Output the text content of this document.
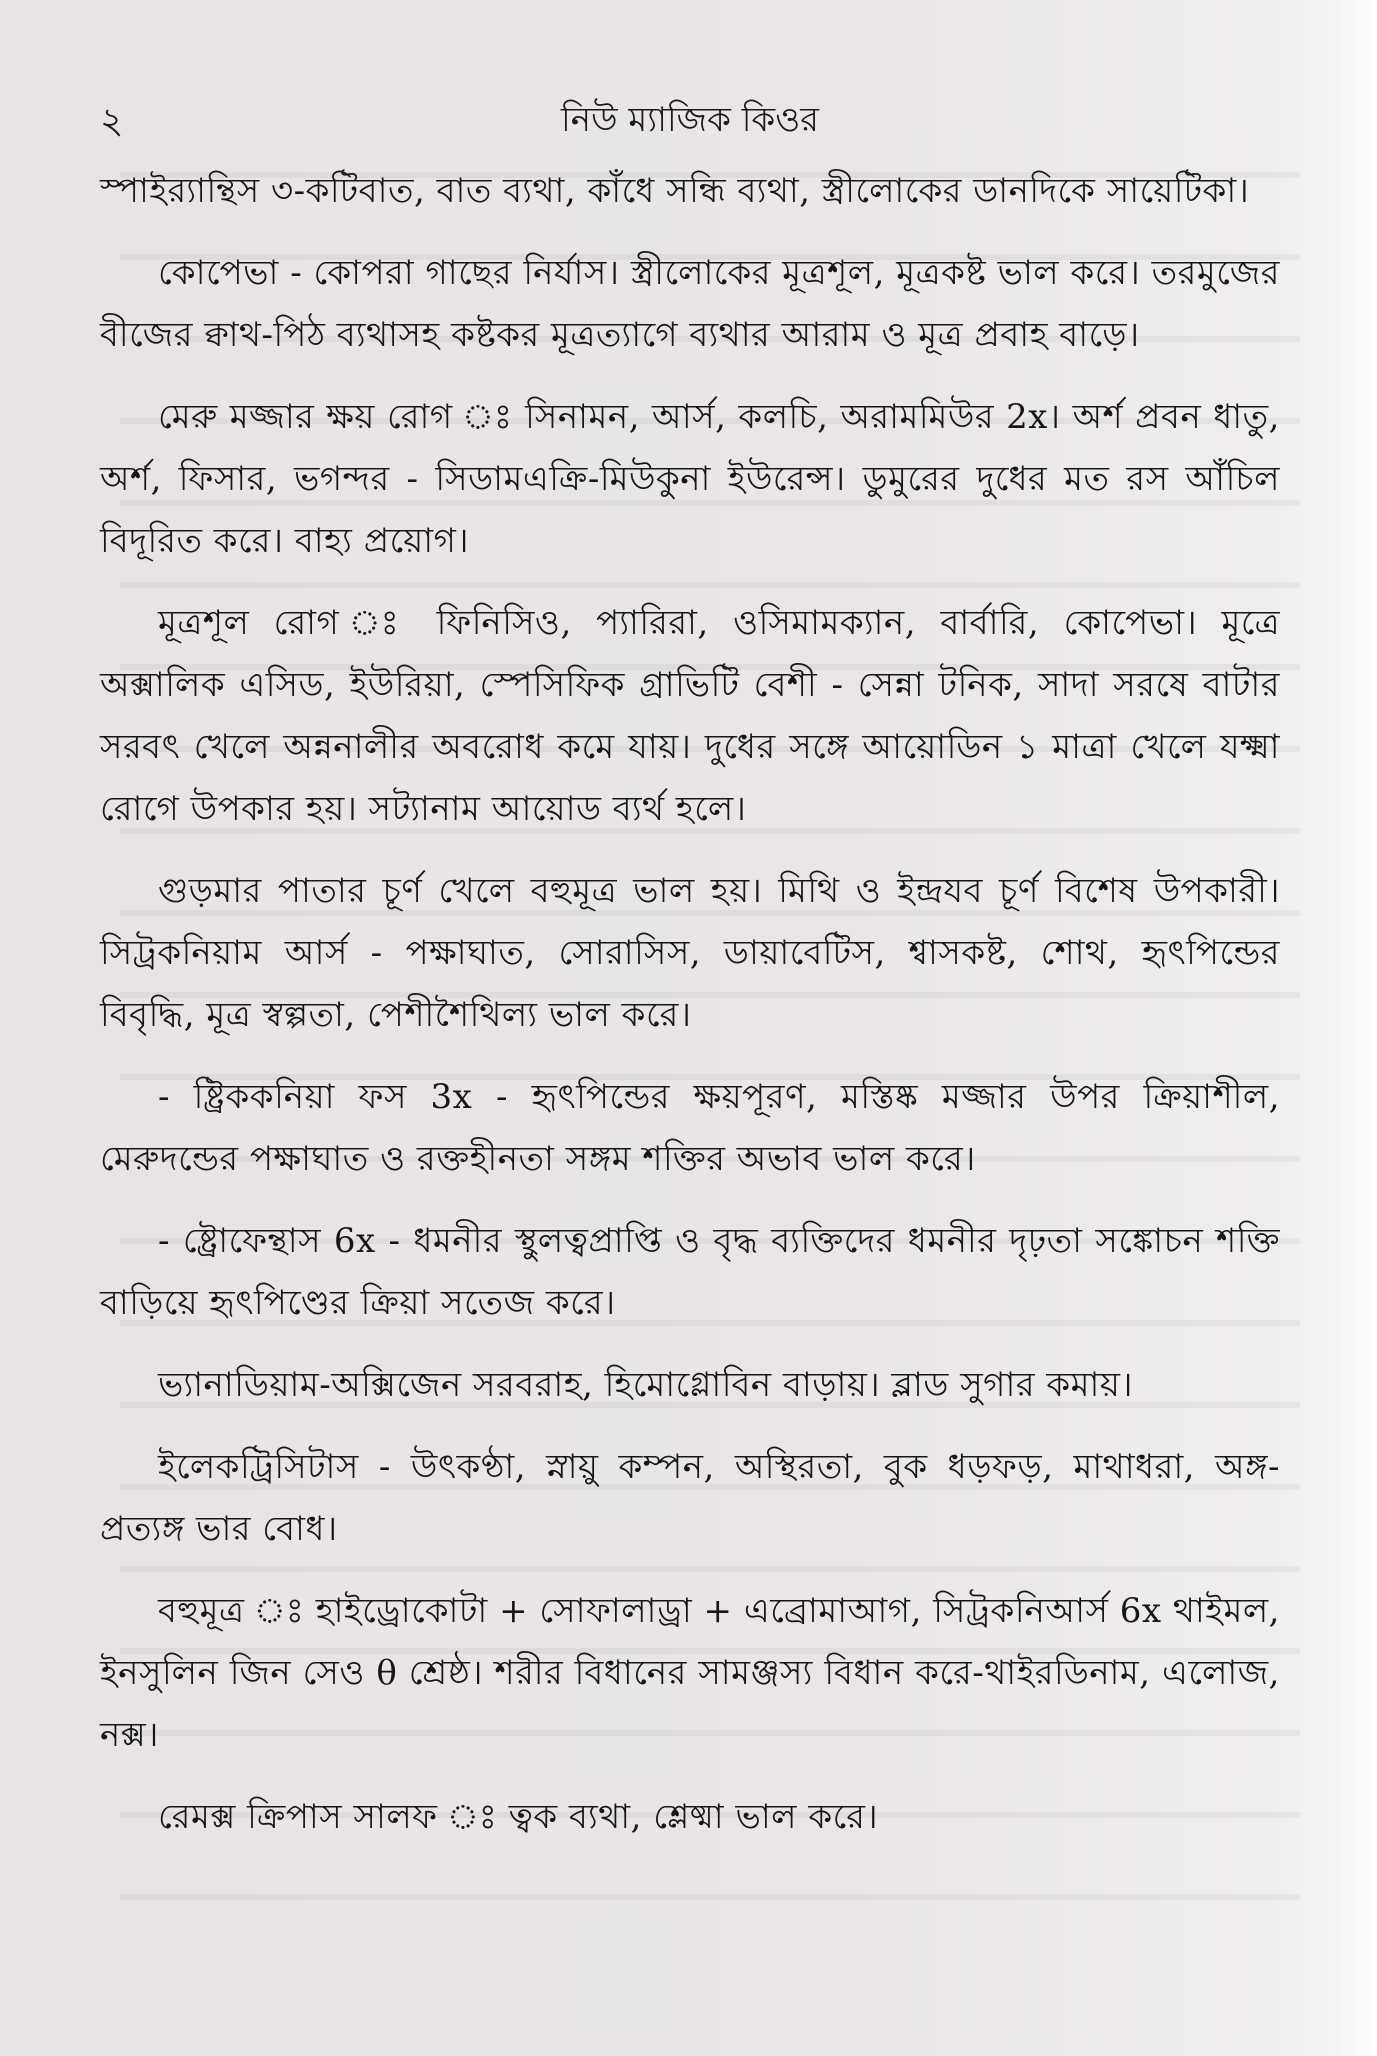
২	নিউ ম্যাজিক কিওর

স্পাইর‍্যান্থিস ৩-কটিবাত, বাত ব্যথা, কাঁধে সন্ধি ব্যথা, স্ত্রীলোকের ডানদিকে সায়েটিকা।

কোপেভা - কোপরা গাছের নির্যাস। স্ত্রীলোকের মূত্রশূল, মূত্রকষ্ট ভাল করে। তরমুজের বীজের ক্বাথ-পিঠ ব্যথাসহ কষ্টকর মূত্রত্যাগে ব্যথার আরাম ও মূত্র প্রবাহ বাড়ে।

মেরু মজ্জার ক্ষয় রোগ ঃ সিনামন, আর্স, কলচি, অরামমিউর 2x। অর্শ প্রবন ধাতু, অর্শ, ফিসার, ভগন্দর - সিডামএক্রি-মিউকুনা ইউরেন্স। ডুমুরের দুধের মত রস আঁচিল বিদূরিত করে। বাহ্য প্রয়োগ।

মূত্রশূল রোগ ঃ ফিনিসিও, প্যারিরা, ওসিমামক্যান, বার্বারি, কোপেভা। মূত্রে অক্সালিক এসিড, ইউরিয়া, স্পেসিফিক গ্রাভিটি বেশী - সেন্না টনিক, সাদা সরষে বাটার সরবৎ খেলে অন্ননালীর অবরোধ কমে যায়। দুধের সঙ্গে আয়োডিন ১ মাত্রা খেলে যক্ষ্মা রোগে উপকার হয়। সট্যানাম আয়োড ব্যর্থ হলে।

গুড়মার পাতার চূর্ণ খেলে বহুমূত্র ভাল হয়। মিথি ও ইন্দ্রযব চূর্ণ বিশেষ উপকারী। সিট্রকনিয়াম আর্স - পক্ষাঘাত, সোরাসিস, ডায়াবেটিস, শ্বাসকষ্ট, শোথ, হৃৎপিন্ডের বিবৃদ্ধি, মূত্র স্বল্পতা, পেশীশৈথিল্য ভাল করে।

- ষ্ট্রিককনিয়া ফস 3x - হৃৎপিন্ডের ক্ষয়পূরণ, মস্তিষ্ক মজ্জার উপর ক্রিয়াশীল, মেরুদন্ডের পক্ষাঘাত ও রক্তহীনতা সঙ্গম শক্তির অভাব ভাল করে।

- ষ্ট্রোফেন্থাস 6x - ধমনীর স্থুলত্বপ্রাপ্তি ও বৃদ্ধ ব্যক্তিদের ধমনীর দৃঢ়তা সঙ্কোচন শক্তি বাড়িয়ে হৃৎপিণ্ডের ক্রিয়া সতেজ করে।

ভ্যানাডিয়াম-অক্সিজেন সরবরাহ, হিমোগ্লোবিন বাড়ায়। ব্লাড সুগার কমায়।

ইলেকট্রিসিটাস - উৎকণ্ঠা, স্নায়ু কম্পন, অস্থিরতা, বুক ধড়ফড়, মাথাধরা, অঙ্গ-প্রত্যঙ্গ ভার বোধ।

বহুমূত্র ঃ হাইড্রোকোটা + সোফালাড্রা + এব্রোমাআগ, সিট্রকনিআর্স 6x থাইমল, ইনসুলিন জিন সেও θ শ্রেষ্ঠ। শরীর বিধানের সামঞ্জস্য বিধান করে-থাইরডিনাম, এলোজ, নক্স।

রেমক্স ক্রিপাস সালফ ঃ ত্বক ব্যথা, শ্লেষ্মা ভাল করে।
